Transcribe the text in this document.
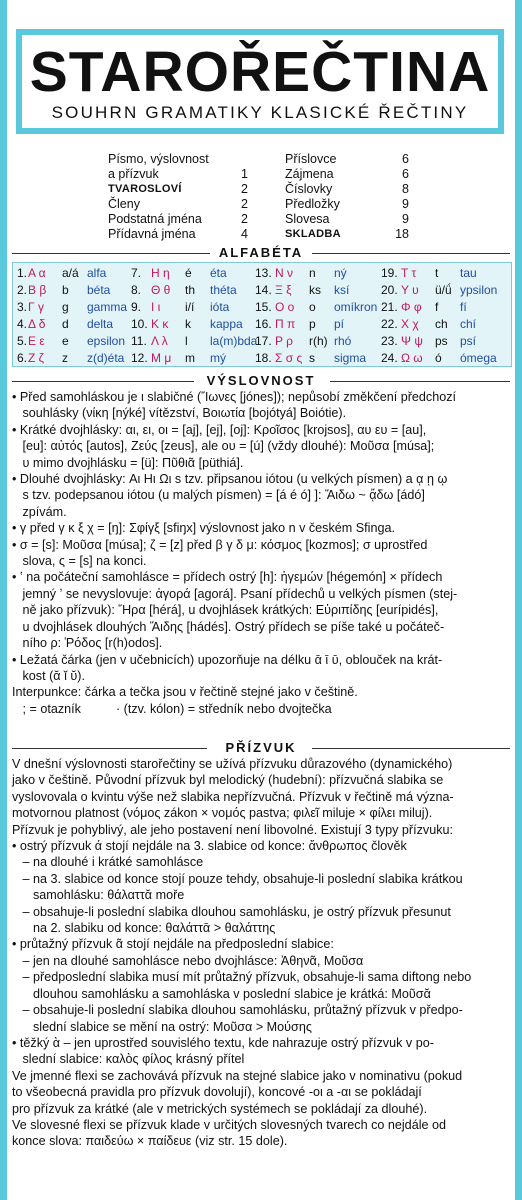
STAROŘEČTINA
SOUHRN GRAMATIKY KLASICKÉ ŘEČTINY
Písmo, výslovnost
a přízvuk	1
TVAROSLOVÍ	2
Členy	2
Podstatná jména	2
Přídavná jména	4
Příslovce	6
Zájmena	6
Číslovky	8
Předložky	9
Slovesa	9
SKLADBA	18
ALFABÉTA
1.Α α a/á alfa
2.Β β b béta
3.Γ γ g gamma
4.Δ δ d delta
5.Ε ε e epsilon
6.Ζ ζ z z(d)éta
7. Η η é éta
8. Θ θ th théta
9. Ι ι i/í ióta
10. Κ κ k kappa
11. Λ λ l la(m)bda
12. Μ μ m mý
13. Ν ν n ný
14. Ξ ξ ks ksí
15. Ο ο o omíkron
16. Π π p pí
17. Ρ ρ r(h) rhó
18. Σ σ ς s sigma
19. Τ τ t tau
20. Υ υ ü/ǘ ypsilon
21. Φ φ f fí
22. Χ χ ch chí
23. Ψ ψ ps psí
24. Ω ω ó ómega
VÝSLOVNOST
• Před samohláskou je ι slabičné (Ἴωνες [jónes]); nepůsobí změkčení předchozí
souhlásky (νίκη [nýké] vítězství, Βοιωτία [bojótyá] Boiótie).
• Krátké dvojhlásky: αι, ει, οι = [aj], [ej], [oj]: Κροῖσος [krojsos], αυ ευ = [au],
[eu]: αὐτός [autos], Ζεύς [zeus], ale ου = [ú] (vždy dlouhé): Μοῦσα [músa];
υ mimo dvojhlásku = [ü]: Πῦθιᾶ [püthiá].
• Dlouhé dvojhlásky: Αι Ηι Ωι s tzv. připsanou iótou (u velkých písmen) a ᾳ ῃ ῳ
s tzv. podepsanou iótou (u malých písmen) = [á é ó] ]: Ἅιδω ~ ᾄδω [ádó]
zpívám.
• γ před γ κ ξ χ = [ŋ]: Σφίγξ [sfiŋx] výslovnost jako n v českém Sfinga.
• σ = [s]: Μοῦσα [músa]; ζ = [z] před β γ δ μ: κόσμος [kozmos]; σ uprostřed
slova, ς = [s] na konci.
• ʽ na počáteční samohlásce = přídech ostrý [h]: ἡγεμών [hégemón] × přídech
jemný ʼ se nevyslovuje: ἀγορά [agorá]. Psaní přídechů u velkých písmen (stej-
ně jako přízvuk): Ἥρα [hérá], u dvojhlásek krátkých: Εὐριπίδης [eurípidés],
u dvojhlásek dlouhých Ἅιδης [hádés]. Ostrý přídech se píše také u počáteč-
ního ρ: Ῥόδος [r(h)odos].
• Ležatá čárka (jen v učebnicích) upozorňuje na délku ᾱ ῑ ῡ, oblouček na krát-
kost (ᾰ ῐ ῠ).
Interpunkce: čárka a tečka jsou v řečtině stejné jako v češtině.
; = otazník          · (tzv. kólon) = středník nebo dvojtečka
PŘÍZVUK
V dnešní výslovnosti starořečtiny se užívá přízvuku důrazového (dynamického)
jako v češtině. Původní přízvuk byl melodický (hudební): přízvučná slabika se
vyslovovala o kvintu výše než slabika nepřízvučná. Přízvuk v řečtině má význa-
motvornou platnost (νόμος zákon × νομός pastva; φιλεῖ miluje × φίλει miluj).
Přízvuk je pohyblivý, ale jeho postavení není libovolné. Existují 3 typy přízvuku:
• ostrý přízvuk ά stojí nejdále na 3. slabice od konce: ἄνθρωπος člověk
– na dlouhé i krátké samohlásce
– na 3. slabice od konce stojí pouze tehdy, obsahuje-li poslední slabika krátkou
samohlásku: θάλαττᾰ moře
– obsahuje-li poslední slabika dlouhou samohlásku, je ostrý přízvuk přesunut
na 2. slabiku od konce: θαλάττᾱ > θαλάττης
• průtažný přízvuk ᾶ stojí nejdále na předposlední slabice:
– jen na dlouhé samohlásce nebo dvojhlásce: Ἀθηνᾶ, Μοῦσα
– předposlední slabika musí mít průtažný přízvuk, obsahuje-li sama diftong nebo
dlouhou samohlásku a samohláska v poslední slabice je krátká: Μοῦσᾰ
– obsahuje-li poslední slabika dlouhou samohlásku, průtažný přízvuk v předpo-
slední slabice se mění na ostrý: Μοῦσα > Μούσης
• těžký ὰ – jen uprostřed souvislého textu, kde nahrazuje ostrý přízvuk v po-
slední slabice: καλὸς φίλος krásný přítel
Ve jmenné flexi se zachovává přízvuk na stejné slabice jako v nominativu (pokud
to všeobecná pravidla pro přízvuk dovolují), koncové -οι a -αι se pokládají
pro přízvuk za krátké (ale v metrických systémech se pokládají za dlouhé).
Ve slovesné flexi se přízvuk klade v určitých slovesných tvarech co nejdále od
konce slova: παιδεύω × παίδευε (viz str. 15 dole).
